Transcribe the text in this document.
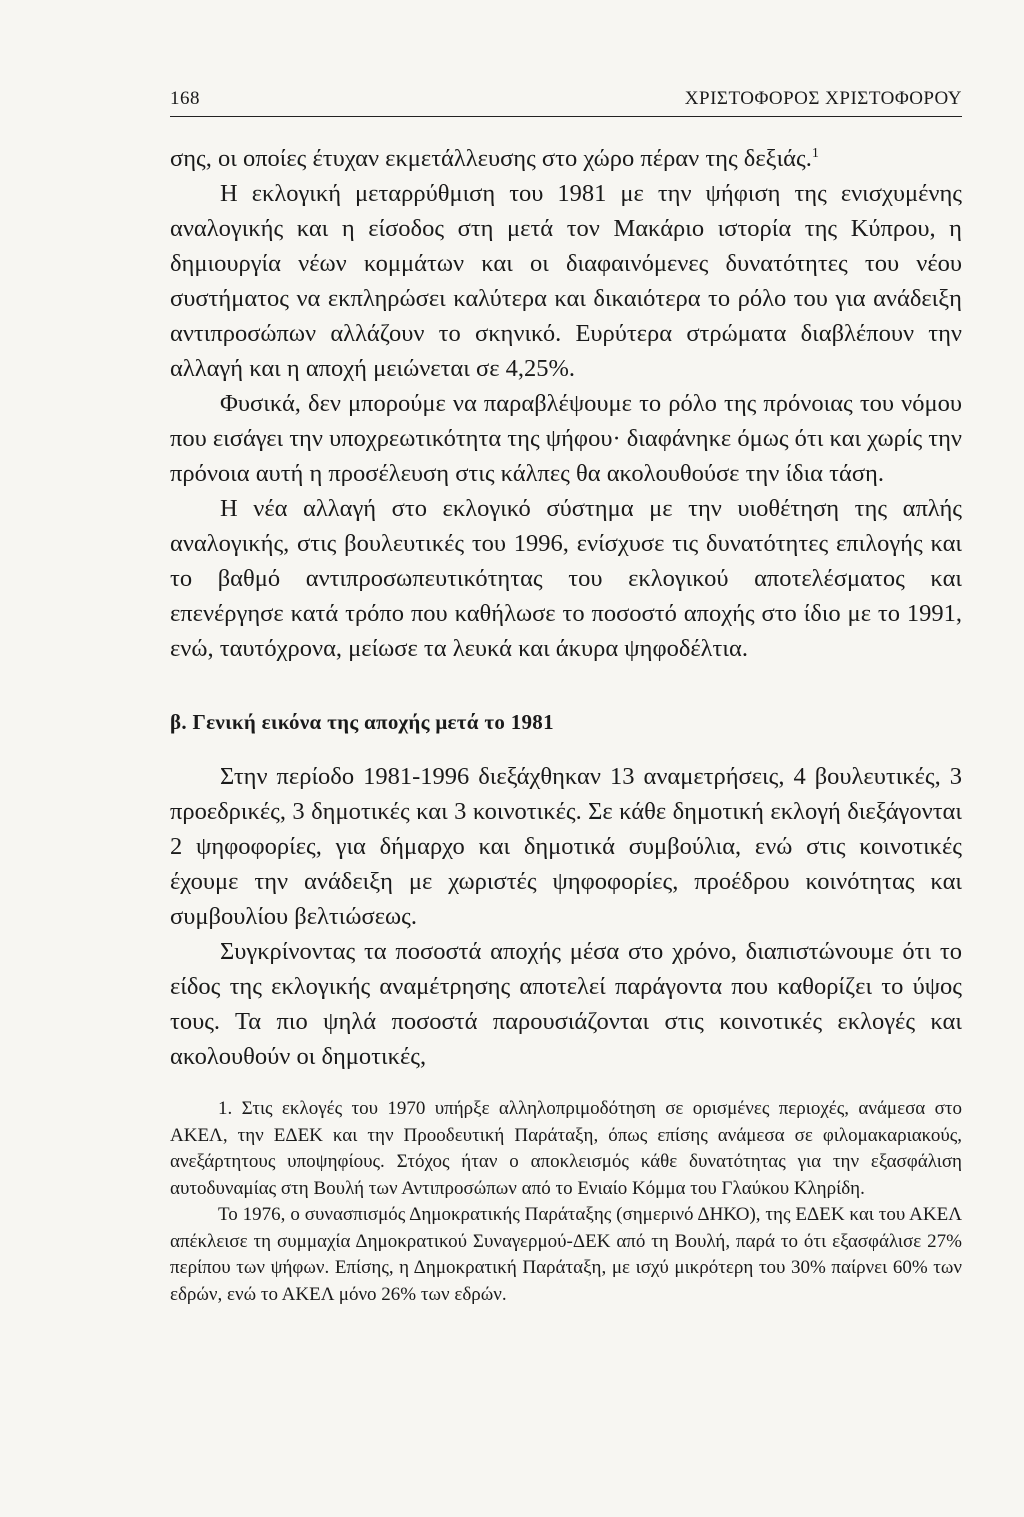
168	ΧΡΙΣΤΟΦΟΡΟΣ ΧΡΙΣΤΟΦΟΡΟΥ

σης, οι οποίες έτυχαν εκμετάλλευσης στο χώρο πέραν της δεξιάς.$^1$

Η εκλογική μεταρρύθμιση του 1981 με την ψήφιση της ενισχυμένης αναλογικής και η είσοδος στη μετά τον Μακάριο ιστορία της Κύπρου, η δημιουργία νέων κομμάτων και οι διαφαινόμενες δυνατότητες του νέου συστήματος να εκπληρώσει καλύτερα και δικαιότερα το ρόλο του για ανάδειξη αντιπροσώπων αλλάζουν το σκηνικό. Ευρύτερα στρώματα διαβλέπουν την αλλαγή και η αποχή μειώνεται σε 4,25%.

Φυσικά, δεν μπορούμε να παραβλέψουμε το ρόλο της πρόνοιας του νόμου που εισάγει την υποχρεωτικότητα της ψήφου· διαφάνηκε όμως ότι και χωρίς την πρόνοια αυτή η προσέλευση στις κάλπες θα ακολουθούσε την ίδια τάση.

Η νέα αλλαγή στο εκλογικό σύστημα με την υιοθέτηση της απλής αναλογικής, στις βουλευτικές του 1996, ενίσχυσε τις δυνατότητες επιλογής και το βαθμό αντιπροσωπευτικότητας του εκλογικού αποτελέσματος και επενέργησε κατά τρόπο που καθήλωσε το ποσοστό αποχής στο ίδιο με το 1991, ενώ, ταυτόχρονα, μείωσε τα λευκά και άκυρα ψηφοδέλτια.

β. Γενική εικόνα της αποχής μετά το 1981

Στην περίοδο 1981-1996 διεξάχθηκαν 13 αναμετρήσεις, 4 βουλευτικές, 3 προεδρικές, 3 δημοτικές και 3 κοινοτικές. Σε κάθε δημοτική εκλογή διεξάγονται 2 ψηφοφορίες, για δήμαρχο και δημοτικά συμβούλια, ενώ στις κοινοτικές έχουμε την ανάδειξη με χωριστές ψηφοφορίες, προέδρου κοινότητας και συμβουλίου βελτιώσεως.

Συγκρίνοντας τα ποσοστά αποχής μέσα στο χρόνο, διαπιστώνουμε ότι το είδος της εκλογικής αναμέτρησης αποτελεί παράγοντα που καθορίζει το ύψος τους. Τα πιο ψηλά ποσοστά παρουσιάζονται στις κοινοτικές εκλογές και ακολουθούν οι δημοτικές,

1. Στις εκλογές του 1970 υπήρξε αλληλοπριμοδότηση σε ορισμένες περιοχές, ανάμεσα στο ΑΚΕΛ, την ΕΔΕΚ και την Προοδευτική Παράταξη, όπως επίσης ανάμεσα σε φιλομακαριακούς, ανεξάρτητους υποψηφίους. Στόχος ήταν ο αποκλεισμός κάθε δυνατότητας για την εξασφάλιση αυτοδυναμίας στη Βουλή των Αντιπροσώπων από το Ενιαίο Κόμμα του Γλαύκου Κληρίδη.

Το 1976, ο συνασπισμός Δημοκρατικής Παράταξης (σημερινό ΔΗΚΟ), της ΕΔΕΚ και του ΑΚΕΛ απέκλεισε τη συμμαχία Δημοκρατικού Συναγερμού-ΔΕΚ από τη Βουλή, παρά το ότι εξασφάλισε 27% περίπου των ψήφων. Επίσης, η Δημοκρατική Παράταξη, με ισχύ μικρότερη του 30% παίρνει 60% των εδρών, ενώ το ΑΚΕΛ μόνο 26% των εδρών.
